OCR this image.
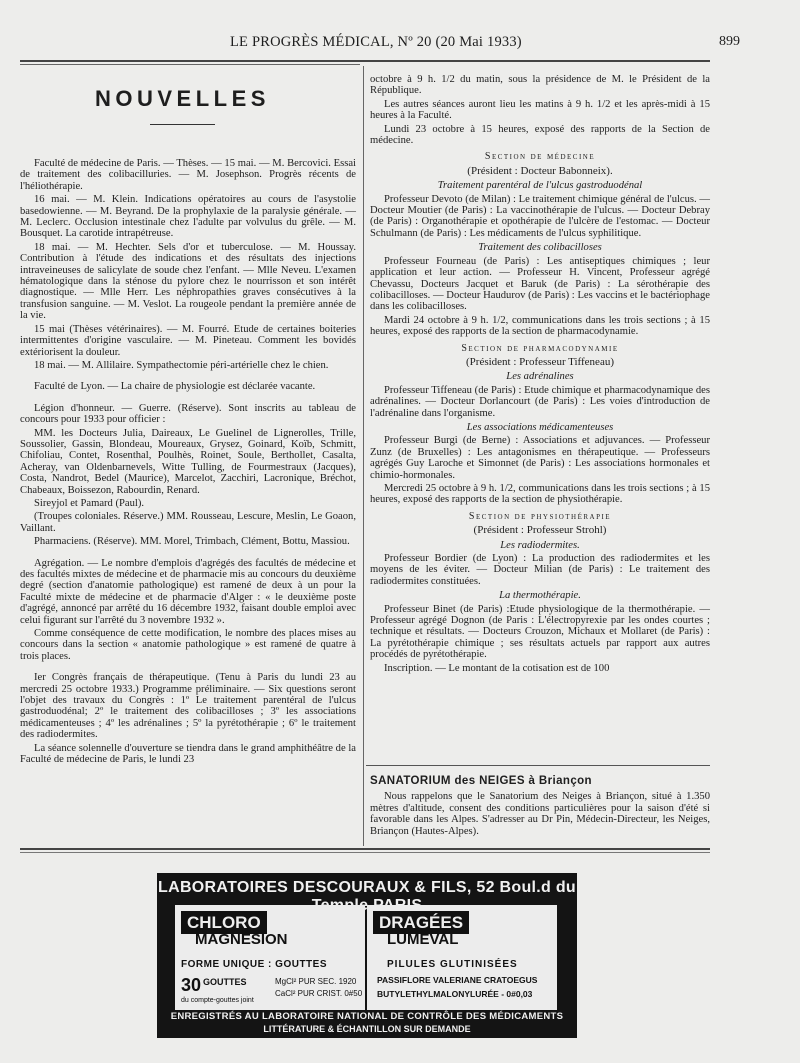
LE PROGRÈS MÉDICAL, Nº 20 (20 Mai 1933)	899
NOUVELLES

Faculté de médecine de Paris. — Thèses. — 15 mai. — M. Bercovici. Essai de traitement des colibacilluries. — M. Josephson. Progrès récents de l'héliothérapie.

16 mai. — M. Klein. Indications opératoires au cours de l'asystolie basedowienne. — M. Beyrand. De la prophylaxie de la paralysie générale. — M. Leclerc. Occlusion intestinale chez l'adulte par volvulus du grêle. — M. Bousquet. La carotide intrapétreuse.

18 mai. — M. Hechter. Sels d'or et tuberculose. — M. Houssay. Contribution à l'étude des indications et des résultats des injections intraveineuses de salicylate de soude chez l'enfant. — Mlle Neveu. L'examen hématologique dans la sténose du pylore chez le nourrisson et son intérêt diagnostique. — Mlle Herr. Les néphropathies graves consécutives à la transfusion sanguine. — M. Veslot. La rougeole pendant la première année de la vie.

15 mai (Thèses vétérinaires). — M. Fourré. Etude de certaines boiteries intermittentes d'origine vasculaire. — M. Pineteau. Comment les bovidés extériorisent la douleur.

18 mai. — M. Allilaire. Sympathectomie péri-artérielle chez le chien.

Faculté de Lyon. — La chaire de physiologie est déclarée vacante.

Légion d'honneur. — Guerre. (Réserve). Sont inscrits au tableau de concours pour 1933 pour officier :

MM. les Docteurs Julia, Daireaux, Le Guelinel de Lignerolles, Trille, Soussolier, Gassin, Blondeau, Moureaux, Grysez, Goinard, Koïb, Schmitt, Chifoliau, Contet, Rosenthal, Poulhès, Roinet, Soule, Berthollet, Casalta, Acheray, van Oldenbarnevels, Witte Tulling, de Fourmestraux (Jacques), Costa, Nandrot, Bedel (Maurice), Marcelot, Zacchiri, Lacronique, Bréchot, Chabeaux, Boissezon, Rabourdin, Renard.

Sireyjol et Pamard (Paul).

(Troupes coloniales. Réserve.) MM. Rousseau, Lescure, Meslin, Le Goaon, Vaillant.

Pharmaciens. (Réserve). MM. Morel, Trimbach, Clément, Bottu, Massiou.

Agrégation. — Le nombre d'emplois d'agrégés des facultés de médecine et des facultés mixtes de médecine et de pharmacie mis au concours du deuxième degré (section d'anatomie pathologique) est ramené de deux à un pour la Faculté mixte de médecine et de pharmacie d'Alger : « le deuxième poste d'agrégé, annoncé par arrêté du 16 décembre 1932, faisant double emploi avec celui figurant sur l'arrêté du 3 novembre 1932 ».

Comme conséquence de cette modification, le nombre des places mises au concours dans la section « anatomie pathologique » est ramené de quatre à trois places.

Ier Congrès français de thérapeutique. (Tenu à Paris du lundi 23 au mercredi 25 octobre 1933.) Programme préliminaire. — Six questions seront l'objet des travaux du Congrès : 1º Le traitement parentéral de l'ulcus gastroduodénal; 2º le traitement des colibacilloses ; 3º les associations médicamenteuses ; 4º les adrénalines ; 5º la pyrétothérapie ; 6º le traitement des radiodermites.

La séance solennelle d'ouverture se tiendra dans le grand amphithéâtre de la Faculté de médecine de Paris, le lundi 23

octobre à 9 h. 1/2 du matin, sous la présidence de M. le Président de la République.

Les autres séances auront lieu les matins à 9 h. 1/2 et les après-midi à 15 heures à la Faculté.

Lundi 23 octobre à 15 heures, exposé des rapports de la Section de médecine.

Section de médecine

(Président : Docteur Babonneix).

Traitement parentéral de l'ulcus gastroduodénal

Professeur Devoto (de Milan) : Le traitement chimique général de l'ulcus. — Docteur Moutier (de Paris) : La vaccinothérapie de l'ulcus. — Docteur Debray (de Paris) : Organothérapie et opothérapie de l'ulcère de l'estomac. — Docteur Schulmann (de Paris) : Les médicaments de l'ulcus syphilitique.

Traitement des colibacilloses

Professeur Fourneau (de Paris) : Les antiseptiques chimiques ; leur application et leur action. — Professeur H. Vincent, Professeur agrégé Chevassu, Docteurs Jacquet et Baruk (de Paris) : La sérothérapie des colibacilloses. — Docteur Haudurov (de Paris) : Les vaccins et le bactériophage dans les colibacilloses.

Mardi 24 octobre à 9 h. 1/2, communications dans les trois sections ; à 15 heures, exposé des rapports de la section de pharmacodynamie.

Section de pharmacodynamie

(Président : Professeur Tiffeneau)

Les adrénalines

Professeur Tiffeneau (de Paris) : Etude chimique et pharmacodynamique des adrénalines. — Docteur Dorlancourt (de Paris) : Les voies d'introduction de l'adrénaline dans l'organisme.

Les associations médicamenteuses

Professeur Burgi (de Berne) : Associations et adjuvances. — Professeur Zunz (de Bruxelles) : Les antagonismes en thérapeutique. — Professeurs agrégés Guy Laroche et Simonnet (de Paris) : Les associations hormonales et chimio-hormonales.

Mercredi 25 octobre à 9 h. 1/2, communications dans les trois sections ; à 15 heures, exposé des rapports de la section de physiothérapie.

Section de physiothérapie

(Président : Professeur Strohl)

Les radiodermites.

Professeur Bordier (de Lyon) : La production des radiodermites et les moyens de les éviter. — Docteur Milian (de Paris) : Le traitement des radiodermites constituées.

La thermothérapie.

Professeur Binet (de Paris) :Etude physiologique de la thermothérapie. — Professeur agrégé Dognon (de Paris : L'électropyrexie par les ondes courtes ; technique et résultats. — Docteurs Crouzon, Michaux et Mollaret (de Paris) : La pyrétothérapie chimique ; ses résultats actuels par rapport aux autres procédés de pyrétothérapie.

Inscription. — Le montant de la cotisation est de 100

SANATORIUM des NEIGES à Briançon

Nous rappelons que le Sanatorium des Neiges à Briançon, situé à 1.350 mètres d'altitude, consent des conditions particulières pour la saison d'été si favorable dans les Alpes. S'adresser au Dr Pin, Médecin-Directeur, les Neiges, Briançon (Hautes-Alpes).

LABORATOIRES DESCOURAUX & FILS, 52 Boul.d du
CHLORO
MAGNÉSION
FORME UNIQUE : GOUTTES
30 GOUTTES
du compte-gouttes joint
MgCl² PUR SEC. 1920
CaCl² PUR CRIST. 0#50
DRAGÉES
LUMEVAL
PILULES GLUTINISÉES
PASSIFLORE VALERIANE CRATOEGUS
BUTYLETHYLMALONYLURÉE - 0#0,03
ENREGISTRÉS AU LABORATOIRE NATIONAL DE CONTRÔLE DES MÉDICAMENTS
LITTÉRATURE & ÉCHANTILLON SUR DEMANDE
